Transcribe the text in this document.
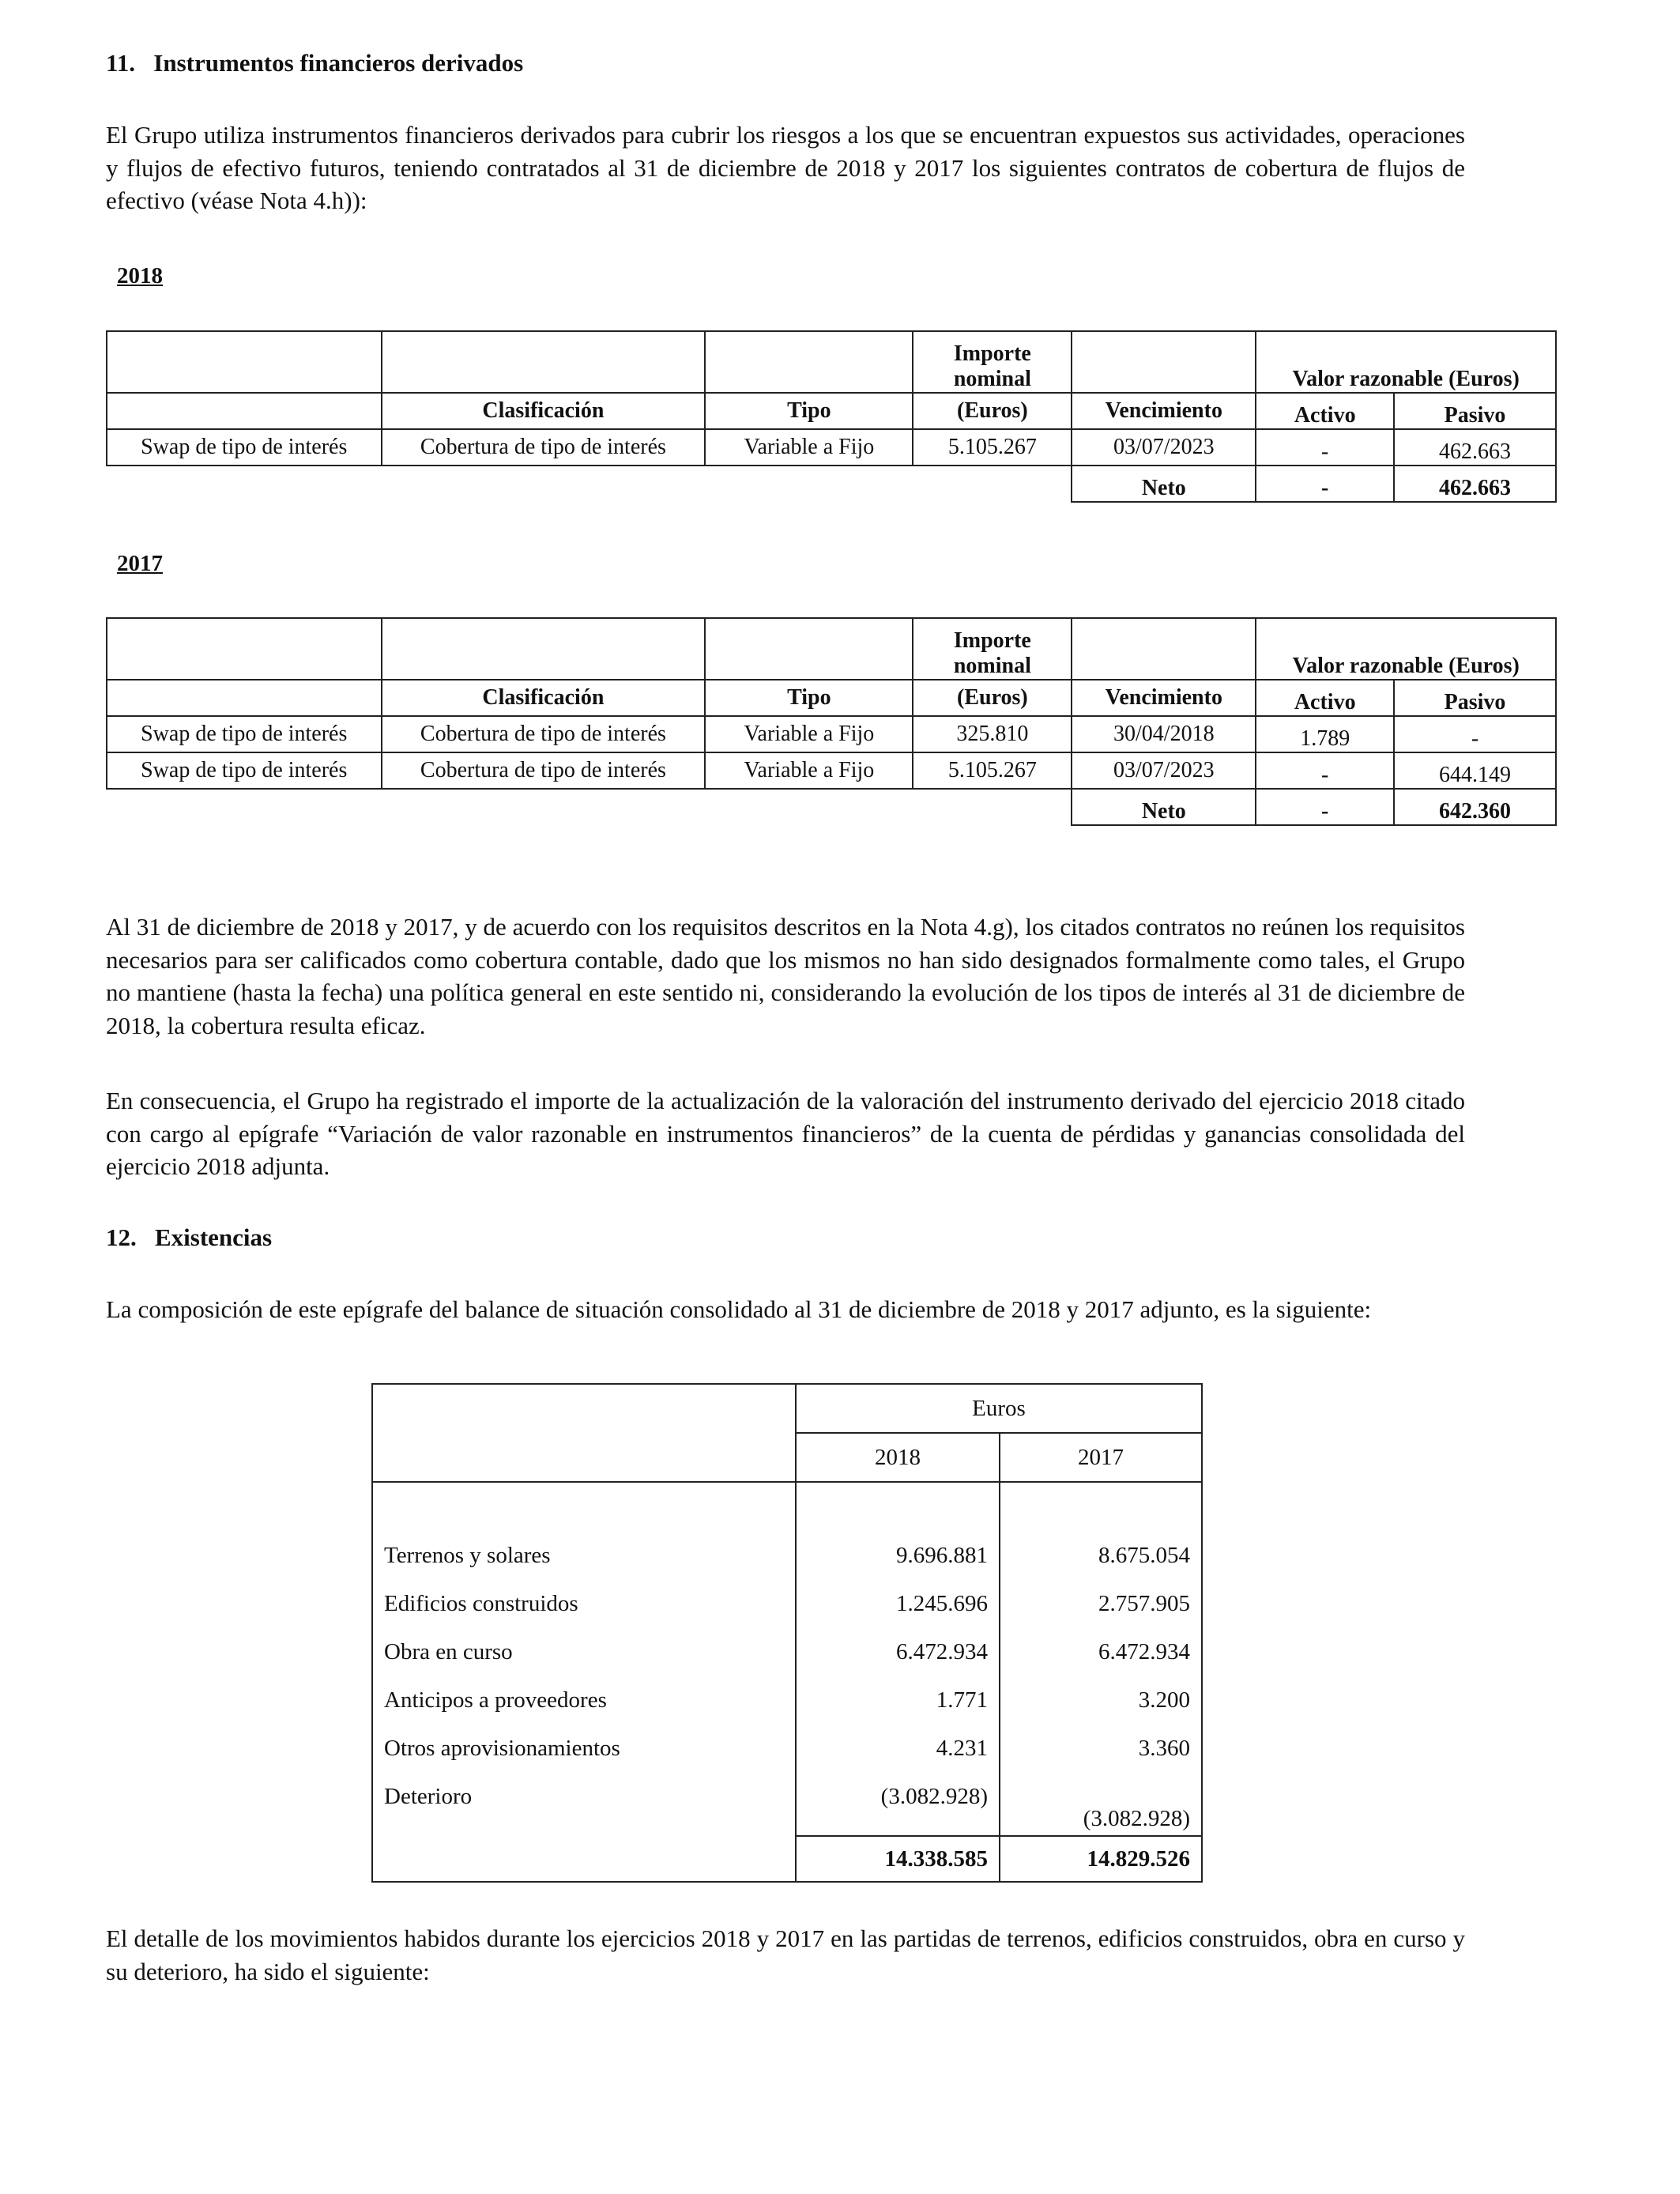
11.   Instrumentos financieros derivados
El Grupo utiliza instrumentos financieros derivados para cubrir los riesgos a los que se encuentran expuestos sus actividades, operaciones y flujos de efectivo futuros, teniendo contratados al 31 de diciembre de 2018 y 2017 los siguientes contratos de cobertura de flujos de efectivo (véase Nota 4.h)):
2018
			Importe nominal		Valor razonable (Euros)	
	Clasificación	Tipo	(Euros)	Vencimiento	Activo	Pasivo
Swap de tipo de interés	Cobertura de tipo de interés	Variable a Fijo	5.105.267	03/07/2023	-	462.663
				Neto	-	462.663
2017
			Importe nominal		Valor razonable (Euros)	
	Clasificación	Tipo	(Euros)	Vencimiento	Activo	Pasivo
Swap de tipo de interés	Cobertura de tipo de interés	Variable a Fijo	325.810	30/04/2018	1.789	-
Swap de tipo de interés	Cobertura de tipo de interés	Variable a Fijo	5.105.267	03/07/2023	-	644.149
				Neto	-	642.360
Al 31 de diciembre de 2018 y 2017, y de acuerdo con los requisitos descritos en la Nota 4.g), los citados contratos no reúnen los requisitos necesarios para ser calificados como cobertura contable, dado que los mismos no han sido designados formalmente como tales, el Grupo no mantiene (hasta la fecha) una política general en este sentido ni, considerando la evolución de los tipos de interés al 31 de diciembre de 2018, la cobertura resulta eficaz.
En consecuencia, el Grupo ha registrado el importe de la actualización de la valoración del instrumento derivado del ejercicio 2018 citado con cargo al epígrafe “Variación de valor razonable en instrumentos financieros” de la cuenta de pérdidas y ganancias consolidada del ejercicio 2018 adjunta.
12.   Existencias
La composición de este epígrafe del balance de situación consolidado al 31 de diciembre de 2018 y 2017 adjunto, es la siguiente:
	Euros	
	2018	2017

Terrenos y solares	9.696.881	8.675.054
Edificios construidos	1.245.696	2.757.905
Obra en curso	6.472.934	6.472.934
Anticipos a proveedores	1.771	3.200
Otros aprovisionamientos	4.231	3.360
Deterioro	(3.082.928)	(3.082.928)
	14.338.585	14.829.526
El detalle de los movimientos habidos durante los ejercicios 2018 y 2017 en las partidas de terrenos, edificios construidos, obra en curso y su deterioro, ha sido el siguiente:
